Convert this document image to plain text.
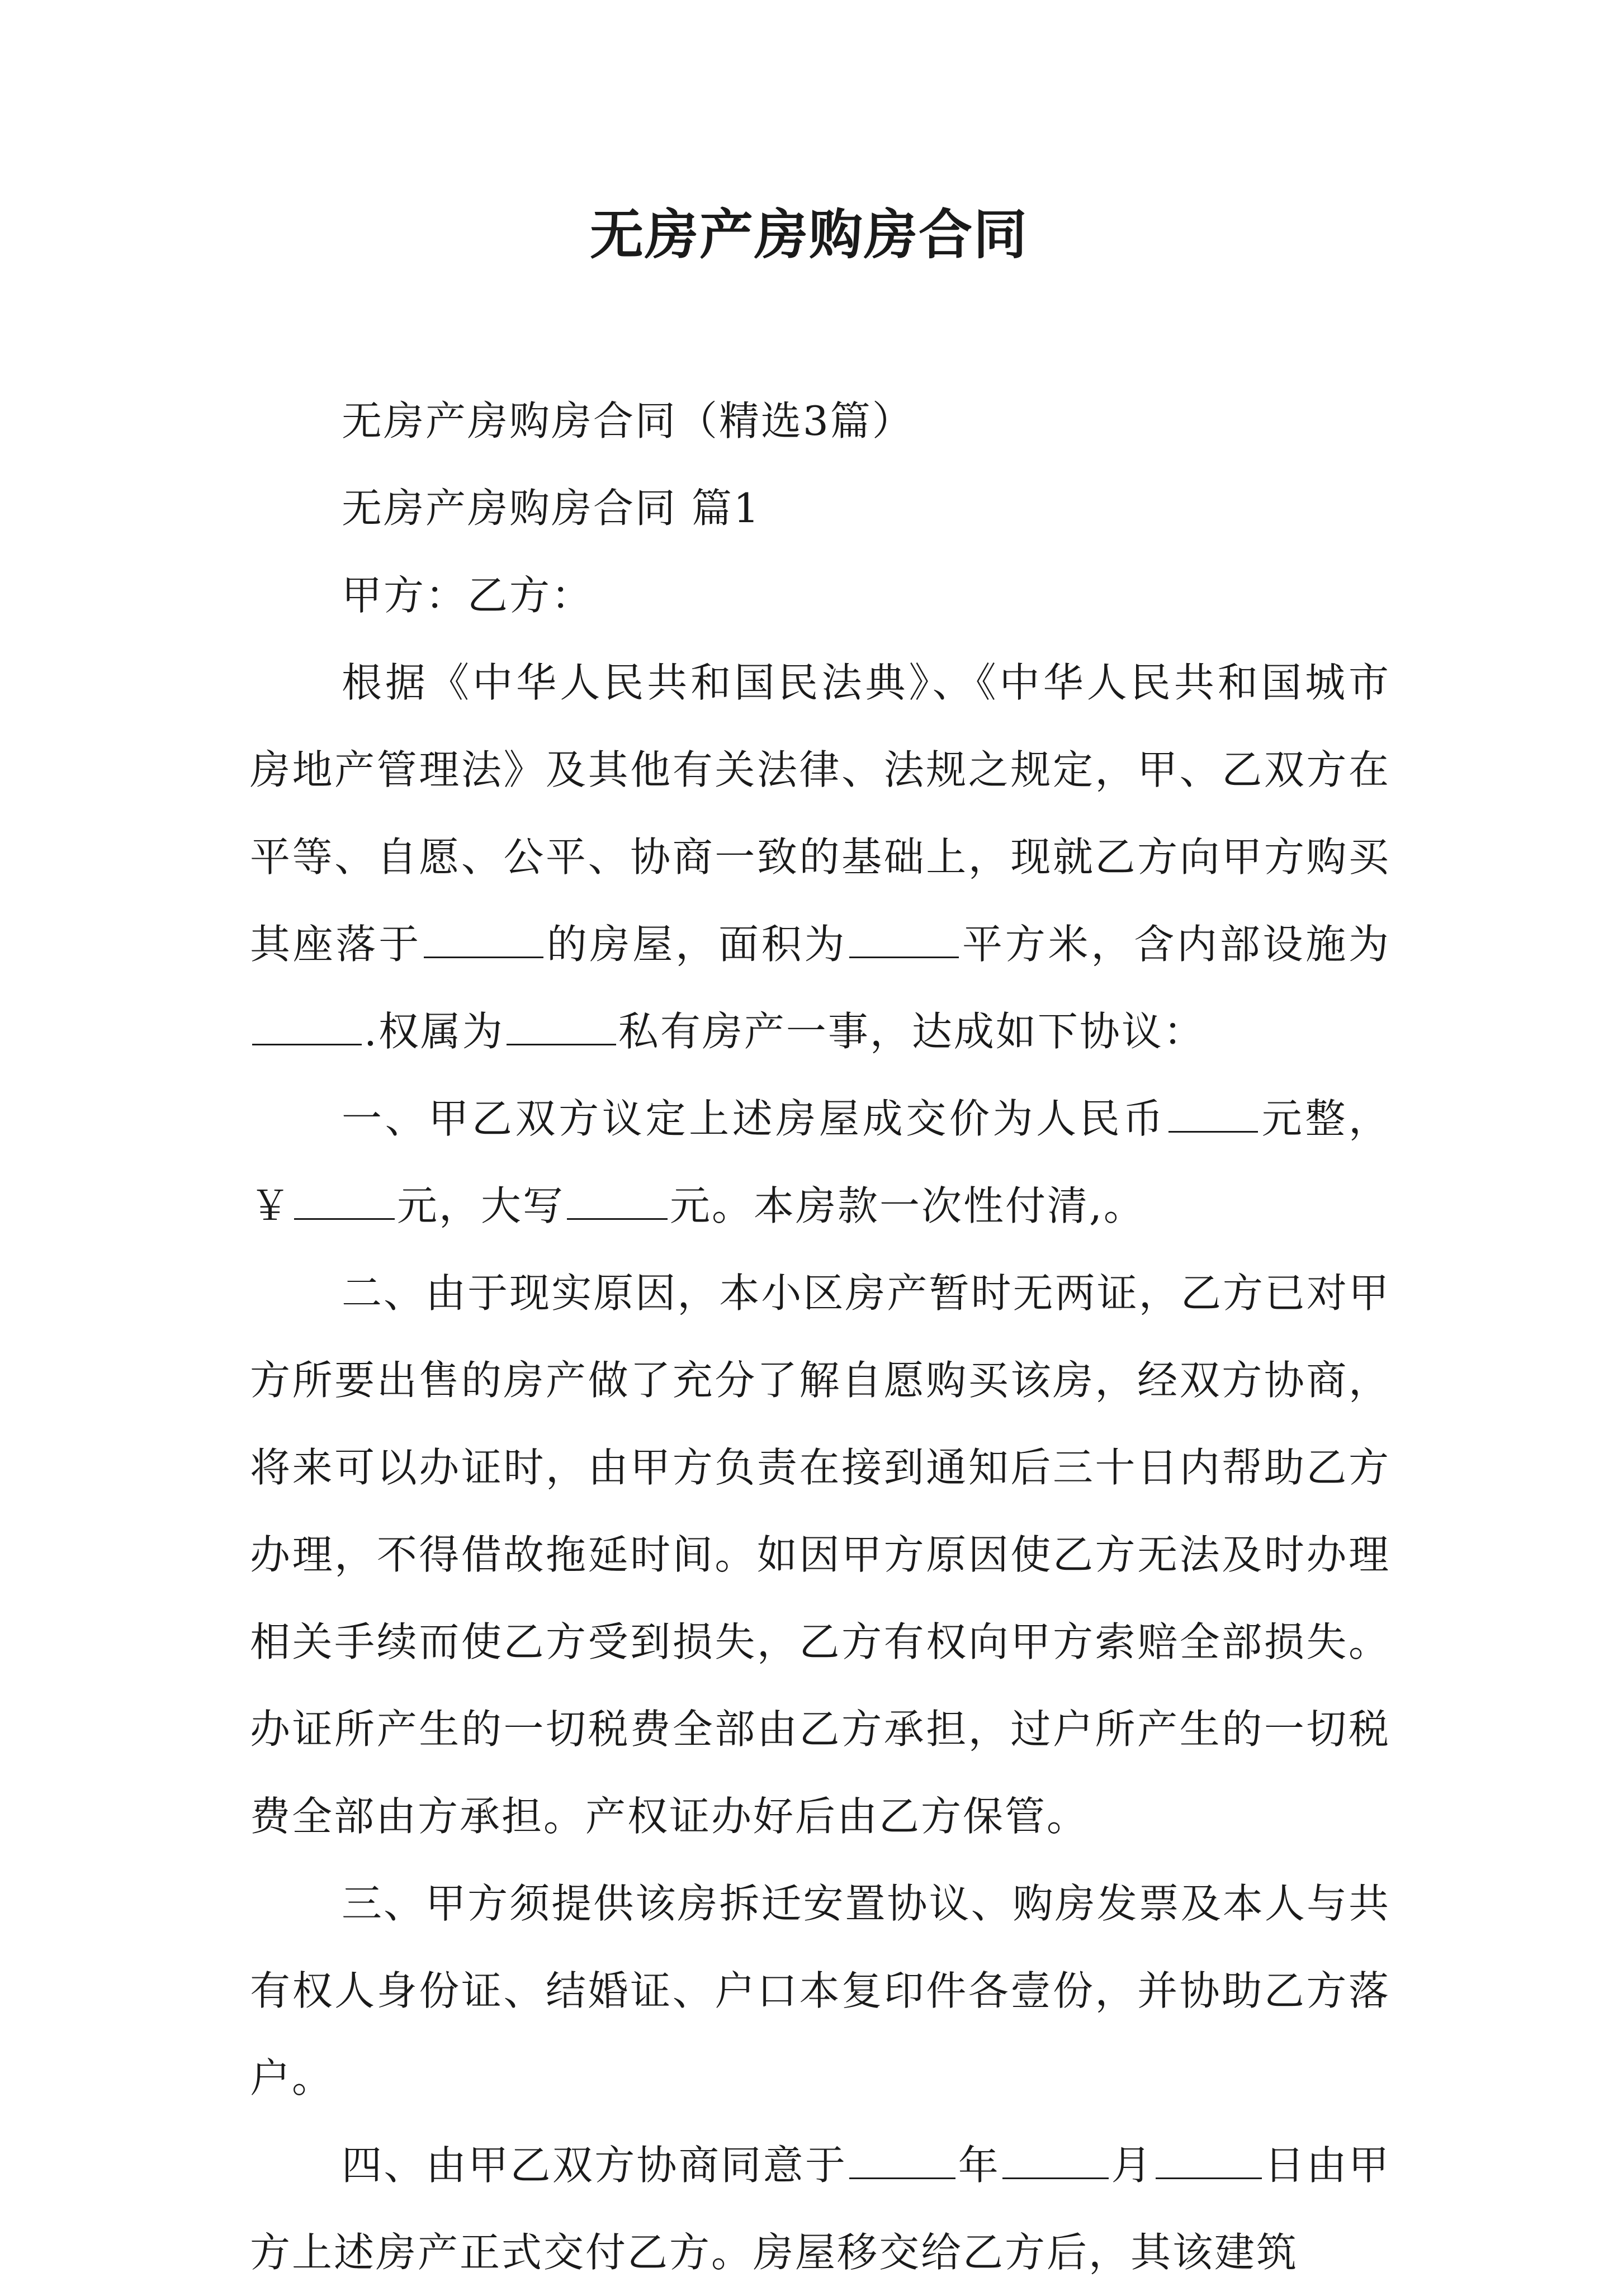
无房产房购房合同

无房产房购房合同（精选3篇）

无房产房购房合同 篇1

甲方：乙方：

根据《中华人民共和国民法典》、《中华人民共和国城市房地产管理法》及其他有关法律、法规之规定，甲、乙双方在平等、自愿、公平、协商一致的基础上，现就乙方向甲方购买其座落于	的房屋，面积为	平方米，含内部设施为.权属为	私有房产一事，达成如下协议：

一、甲乙双方议定上述房屋成交价为人民币 元整，￥	元，大写	元。本房款一次性付清,。

二、由于现实原因，本小区房产暂时无两证，乙方已对甲方所要出售的房产做了充分了解自愿购买该房，经双方协商，将来可以办证时，由甲方负责在接到通知后三十日内帮助乙方办理，不得借故拖延时间。如因甲方原因使乙方无法及时办理相关手续而使乙方受到损失，乙方有权向甲方索赔全部损失。办证所产生的一切税费全部由乙方承担，过户所产生的一切税费全部由方承担。产权证办好后由乙方保管。

三、甲方须提供该房拆迁安置协议、购房发票及本人与共有权人身份证、结婚证、户口本复印件各壹份，并协助乙方落户。

四、由甲乙双方协商同意于	年	月	日由甲方上述房产正式交付乙方。房屋移交给乙方后，其该建筑
